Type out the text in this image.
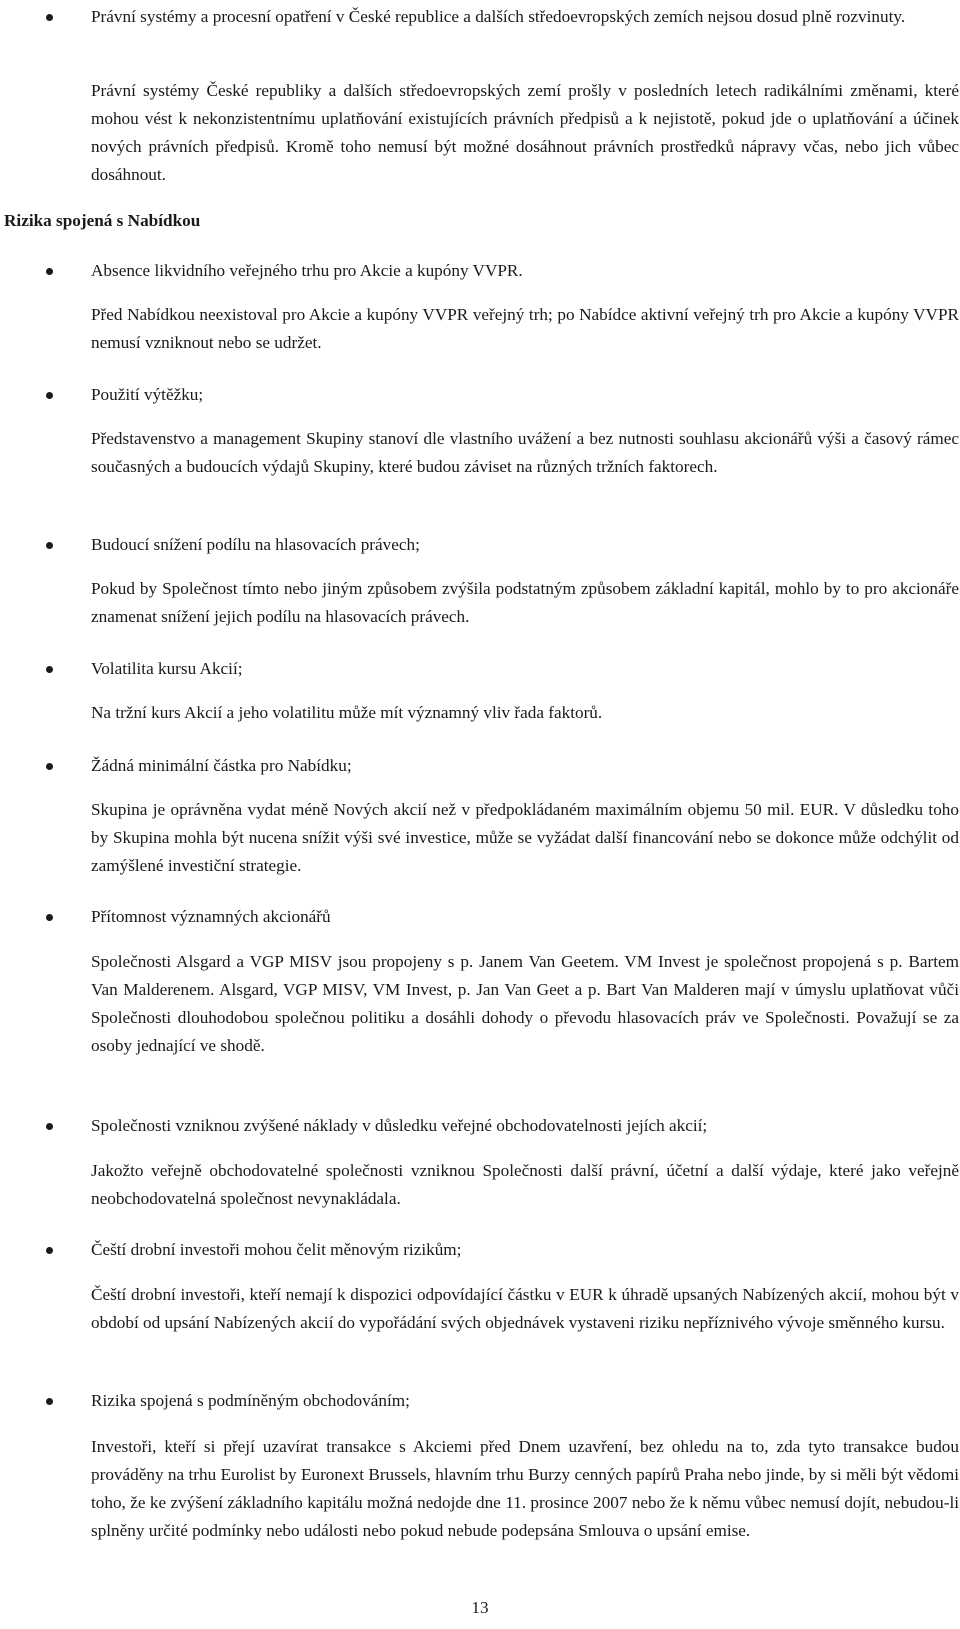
Právní systémy a procesní opatření v České republice a dalších středoevropských zemích nejsou dosud plně rozvinuty.
Právní systémy České republiky a dalších středoevropských zemí prošly v posledních letech radikálními změnami, které mohou vést k nekonzistentnímu uplatňování existujících právních předpisů a k nejistotě, pokud jde o uplatňování a účinek nových právních předpisů. Kromě toho nemusí být možné dosáhnout právních prostředků nápravy včas, nebo jich vůbec dosáhnout.
Rizika spojená s Nabídkou
Absence likvidního veřejného trhu pro Akcie a kupóny VVPR.
Před Nabídkou neexistoval pro Akcie a kupóny VVPR veřejný trh; po Nabídce aktivní veřejný trh pro Akcie a kupóny VVPR nemusí vzniknout nebo se udržet.
Použití výtěžku;
Představenstvo a management Skupiny stanoví dle vlastního uvážení a bez nutnosti souhlasu akcionářů výši a časový rámec současných a budoucích výdajů Skupiny, které budou záviset na různých tržních faktorech.
Budoucí snížení podílu na hlasovacích právech;
Pokud by Společnost tímto nebo jiným způsobem zvýšila podstatným způsobem základní kapitál, mohlo by to pro akcionáře znamenat snížení jejich podílu na hlasovacích právech.
Volatilita kursu Akcií;
Na tržní kurs Akcií a jeho volatilitu může mít významný vliv řada faktorů.
Žádná minimální částka pro Nabídku;
Skupina je oprávněna vydat méně Nových akcií než v předpokládaném maximálním objemu 50 mil. EUR. V důsledku toho by Skupina mohla být nucena snížit výši své investice, může se vyžádat další financování nebo se dokonce může odchýlit od zamýšlené investiční strategie.
Přítomnost významných akcionářů
Společnosti Alsgard a VGP MISV jsou propojeny s p. Janem Van Geetem. VM Invest je společnost propojená s p. Bartem Van Malderenem. Alsgard, VGP MISV, VM Invest, p. Jan Van Geet a p. Bart Van Malderen mají v úmyslu uplatňovat vůči Společnosti dlouhodobou společnou politiku a dosáhli dohody o převodu hlasovacích práv ve Společnosti. Považují se za osoby jednající ve shodě.
Společnosti vzniknou zvýšené náklady v důsledku veřejné obchodovatelnosti jejích akcií;
Jakožto veřejně obchodovatelné společnosti vzniknou Společnosti další právní, účetní a další výdaje, které jako veřejně neobchodovatelná společnost nevynakládala.
Čeští drobní investoři mohou čelit měnovým rizikům;
Čeští drobní investoři, kteří nemají k dispozici odpovídající částku v EUR k úhradě upsaných Nabízených akcií, mohou být v období od upsání Nabízených akcií do vypořádání svých objednávek vystaveni riziku nepříznivého vývoje směnného kursu.
Rizika spojená s podmíněným obchodováním;
Investoři, kteří si přejí uzavírat transakce s Akciemi před Dnem uzavření, bez ohledu na to, zda tyto transakce budou prováděny na trhu Eurolist by Euronext Brussels, hlavním trhu Burzy cenných papírů Praha nebo jinde, by si měli být vědomi toho, že ke zvýšení základního kapitálu možná nedojde dne 11. prosince 2007 nebo že k němu vůbec nemusí dojít, nebudou-li splněny určité podmínky nebo události nebo pokud nebude podepsána Smlouva o upsání emise.
13
